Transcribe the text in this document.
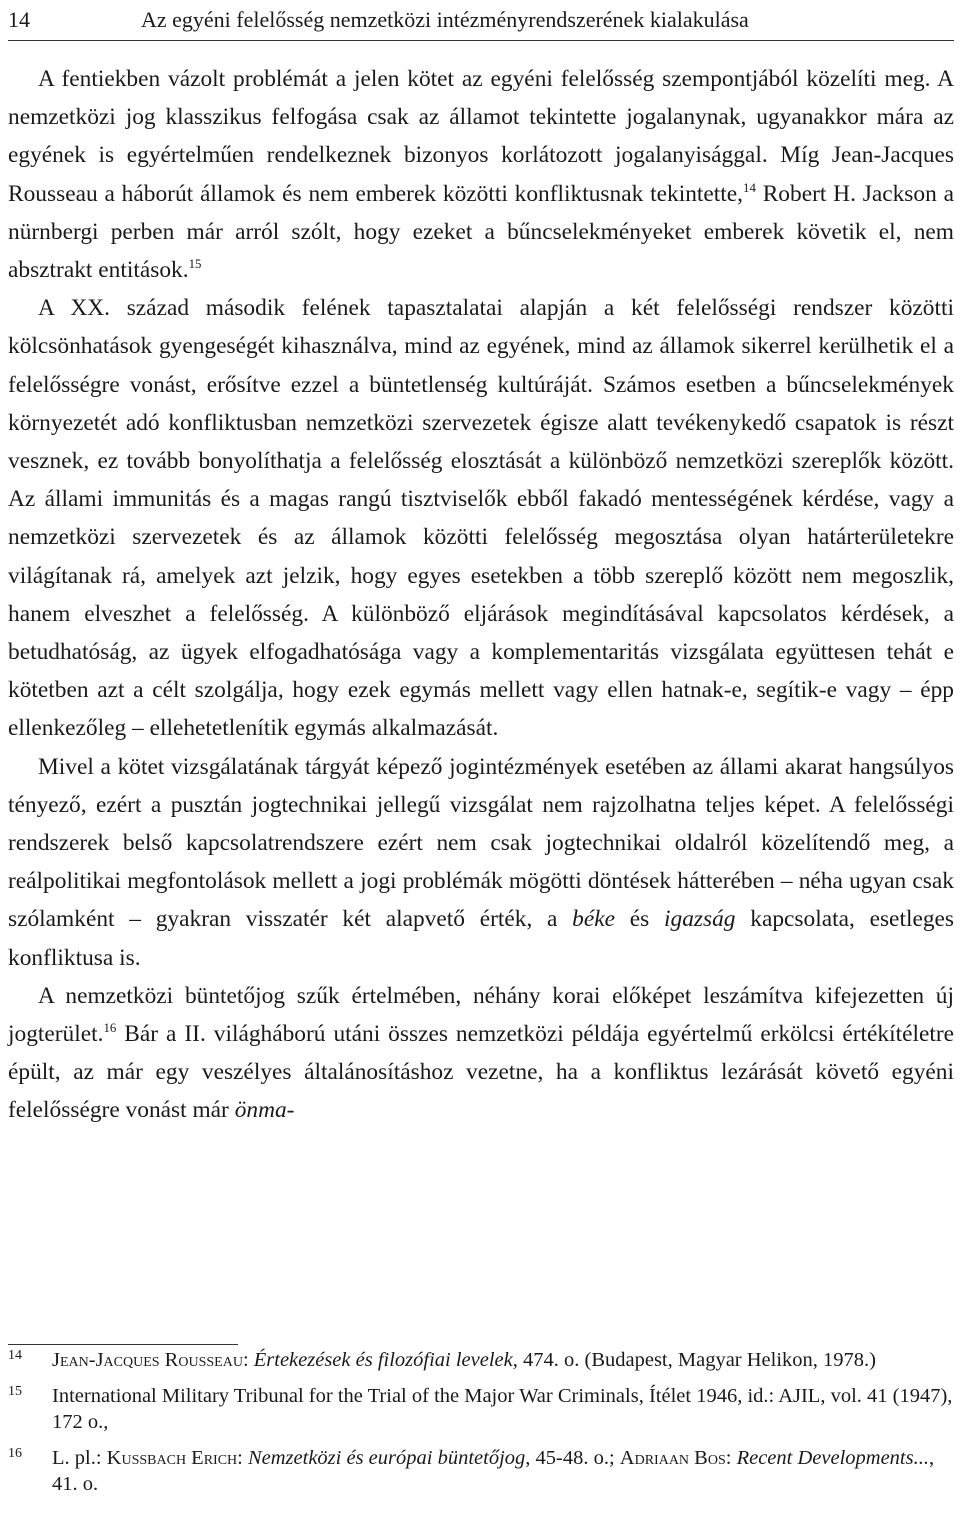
14	Az egyéni felelősség nemzetközi intézményrendszerének kialakulása

A fentiekben vázolt problémát a jelen kötet az egyéni felelősség szempontjából közelíti meg. A nemzetközi jog klasszikus felfogása csak az államot tekintette jogalanynak, ugyanakkor mára az egyének is egyértelműen rendelkeznek bizonyos korlátozott jogalanyisággal. Míg Jean-Jacques Rousseau a háborút államok és nem emberek közötti konfliktusnak tekintette,$^{14}$ Robert H. Jackson a nürnbergi perben már arról szólt, hogy ezeket a bűncselekményeket emberek követik el, nem absztrakt entitások.$^{15}$

A XX. század második felének tapasztalatai alapján a két felelősségi rendszer közötti kölcsönhatások gyengeségét kihasználva, mind az egyének, mind az államok sikerrel kerülhetik el a felelősségre vonást, erősítve ezzel a büntetlenség kultúráját. Számos esetben a bűncselekmények környezetét adó konfliktusban nemzetközi szervezetek égisze alatt tevékenykedő csapatok is részt vesznek, ez tovább bonyolíthatja a felelősség elosztását a különböző nemzetközi szereplők között. Az állami immunitás és a magas rangú tisztviselők ebből fakadó mentességének kérdése, vagy a nemzetközi szervezetek és az államok közötti felelősség megosztása olyan határterületekre világítanak rá, amelyek azt jelzik, hogy egyes esetekben a több szereplő között nem megoszlik, hanem elveszhet a felelősség. A különböző eljárások megindításával kapcsolatos kérdések, a betudhatóság, az ügyek elfogadhatósága vagy a komplementaritás vizsgálata együttesen tehát e kötetben azt a célt szolgálja, hogy ezek egymás mellett vagy ellen hatnak-e, segítik-e vagy – épp ellenkezőleg – ellehetetlenítik egymás alkalmazását.

Mivel a kötet vizsgálatának tárgyát képező jogintézmények esetében az állami akarat hangsúlyos tényező, ezért a pusztán jogtechnikai jellegű vizsgálat nem rajzolhatna teljes képet. A felelősségi rendszerek belső kapcsolatrendszere ezért nem csak jogtechnikai oldalról közelítendő meg, a reálpolitikai megfontolások mellett a jogi problémák mögötti döntések hátterében – néha ugyan csak szólamként – gyakran visszatér két alapvető érték, a béke és igazság kapcsolata, esetleges konfliktusa is.

A nemzetközi büntetőjog szűk értelmében, néhány korai előképet leszámítva kifejezetten új jogterület.$^{16}$ Bár a II. világháború utáni összes nemzetközi példája egyértelmű erkölcsi értékítéletre épült, az már egy veszélyes általánosításhoz vezetne, ha a konfliktus lezárását követő egyéni felelősségre vonást már önma-

14 Jean-Jacques Rousseau: Értekezések és filozófiai levelek, 474. o. (Budapest, Magyar Helikon, 1978.)
15 International Military Tribunal for the Trial of the Major War Criminals, Ítélet 1946, id.: AJIL, vol. 41 (1947), 172 o.,
16 L. pl.: Kussbach Erich: Nemzetközi és európai büntetőjog, 45-48. o.; Adriaan Bos: Recent Developments..., 41. o.
